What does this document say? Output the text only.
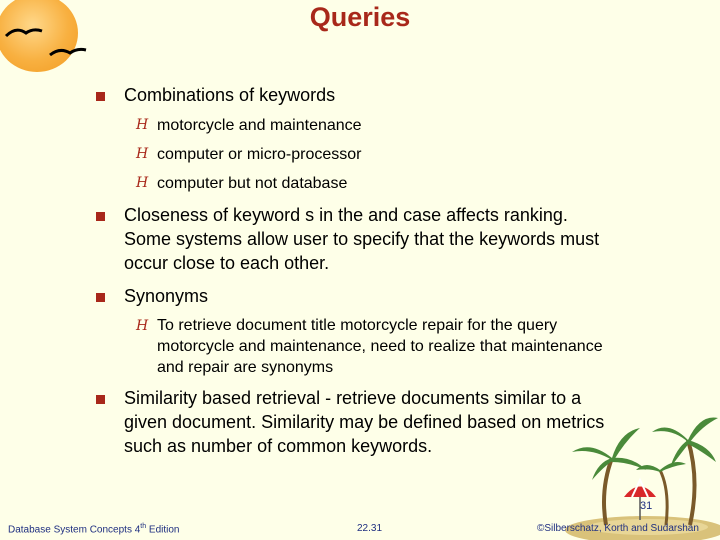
Queries
Combinations of keywords
H motorcycle and maintenance
H computer or micro-processor
H computer but not database
Closeness of keyword s in the and case affects ranking.
Some systems allow user to specify that the keywords must
occur close to each other.
Synonyms
H To retrieve document title motorcycle repair for the query
motorcycle and maintenance, need to realize that maintenance
and repair are synonyms
Similarity based retrieval - retrieve documents similar to a
given document. Similarity may be defined based on metrics
such as number of common keywords.
31
Database System Concepts 4th Edition	22.31	©Silberschatz, Korth and Sudarshan
